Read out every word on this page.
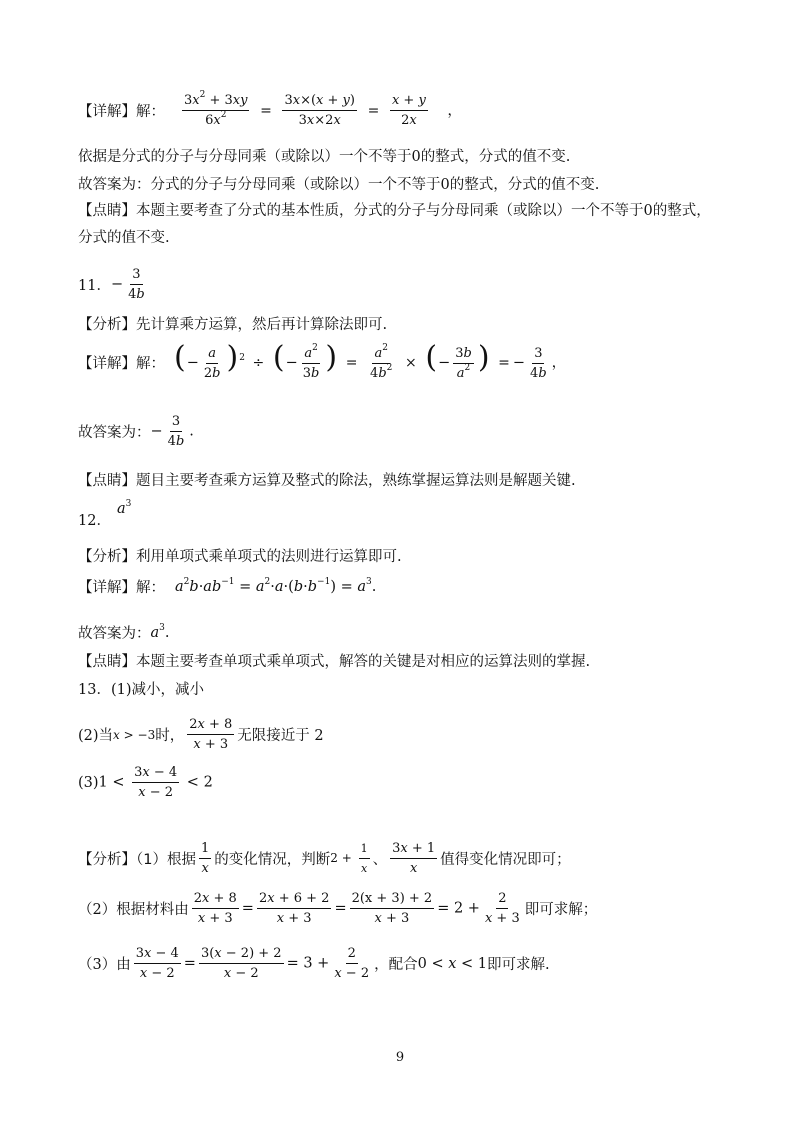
【详解】解： $\frac{3x^2 + 3xy}{6x^2} = \frac{3x\times(x + y)}{3x\times 2x} = \frac{x + y}{2x}$ ，
依据是分式的分子与分母同乘（或除以）一个不等于0的整式，分式的值不变.
故答案为：分式的分子与分母同乘（或除以）一个不等于0的整式，分式的值不变.
【点睛】本题主要考查了分式的基本性质，分式的分子与分母同乘（或除以）一个不等于0的整式，分式的值不变.
11． − $\frac{3}{4b}$
【分析】先计算乘方运算，然后再计算除法即可.
【详解】解： (− $\frac{a}{2b} )^2$ ÷ (− $\frac{a^2}{3b}$ ) = $\frac{a^2}{4b^2}$ × (− $\frac{3b}{a^2}$ ) = − $\frac{3}{4b}$ ，
故答案为： − $\frac{3}{4b}$ .
【点睛】题目主要考查乘方运算及整式的除法，熟练掌握运算法则是解题关键.
12．
$a^3$
【分析】利用单项式乘单项式的法则进行运算即可.
【详解】解： $a^2b\cdot ab^{-1} = a^2\cdot a\cdot(b\cdot b^{-1}) = a^3$.
故答案为： $a^3$.
【点睛】本题主要考查单项式乘单项式，解答的关键是对相应的运算法则的掌握.
13． (1)减小，减小
(2)当 x > −3 时， $\frac{2x + 8}{x + 3}$ 无限接近于 2
(3) $1 < \frac{3x - 4}{x - 2} < 2$
【分析】（1）根据 $\frac{1}{x}$ 的变化情况，判断 $2 + \frac{1}{x}$ 、 $\frac{3x + 1}{x}$ 值得变化情况即可；
（2）根据材料由 $\frac{2x + 8}{x + 3} = \frac{2x + 6 + 2}{x + 3} = \frac{2(x + 3) + 2}{x + 3} = 2 + \frac{2}{x + 3}$ 即可求解；
（3）由 $\frac{3x - 4}{x - 2} = \frac{3(x - 2) + 2}{x - 2} = 3 + \frac{2}{x - 2}$ ，配合 0 < x < 1 即可求解.
9
